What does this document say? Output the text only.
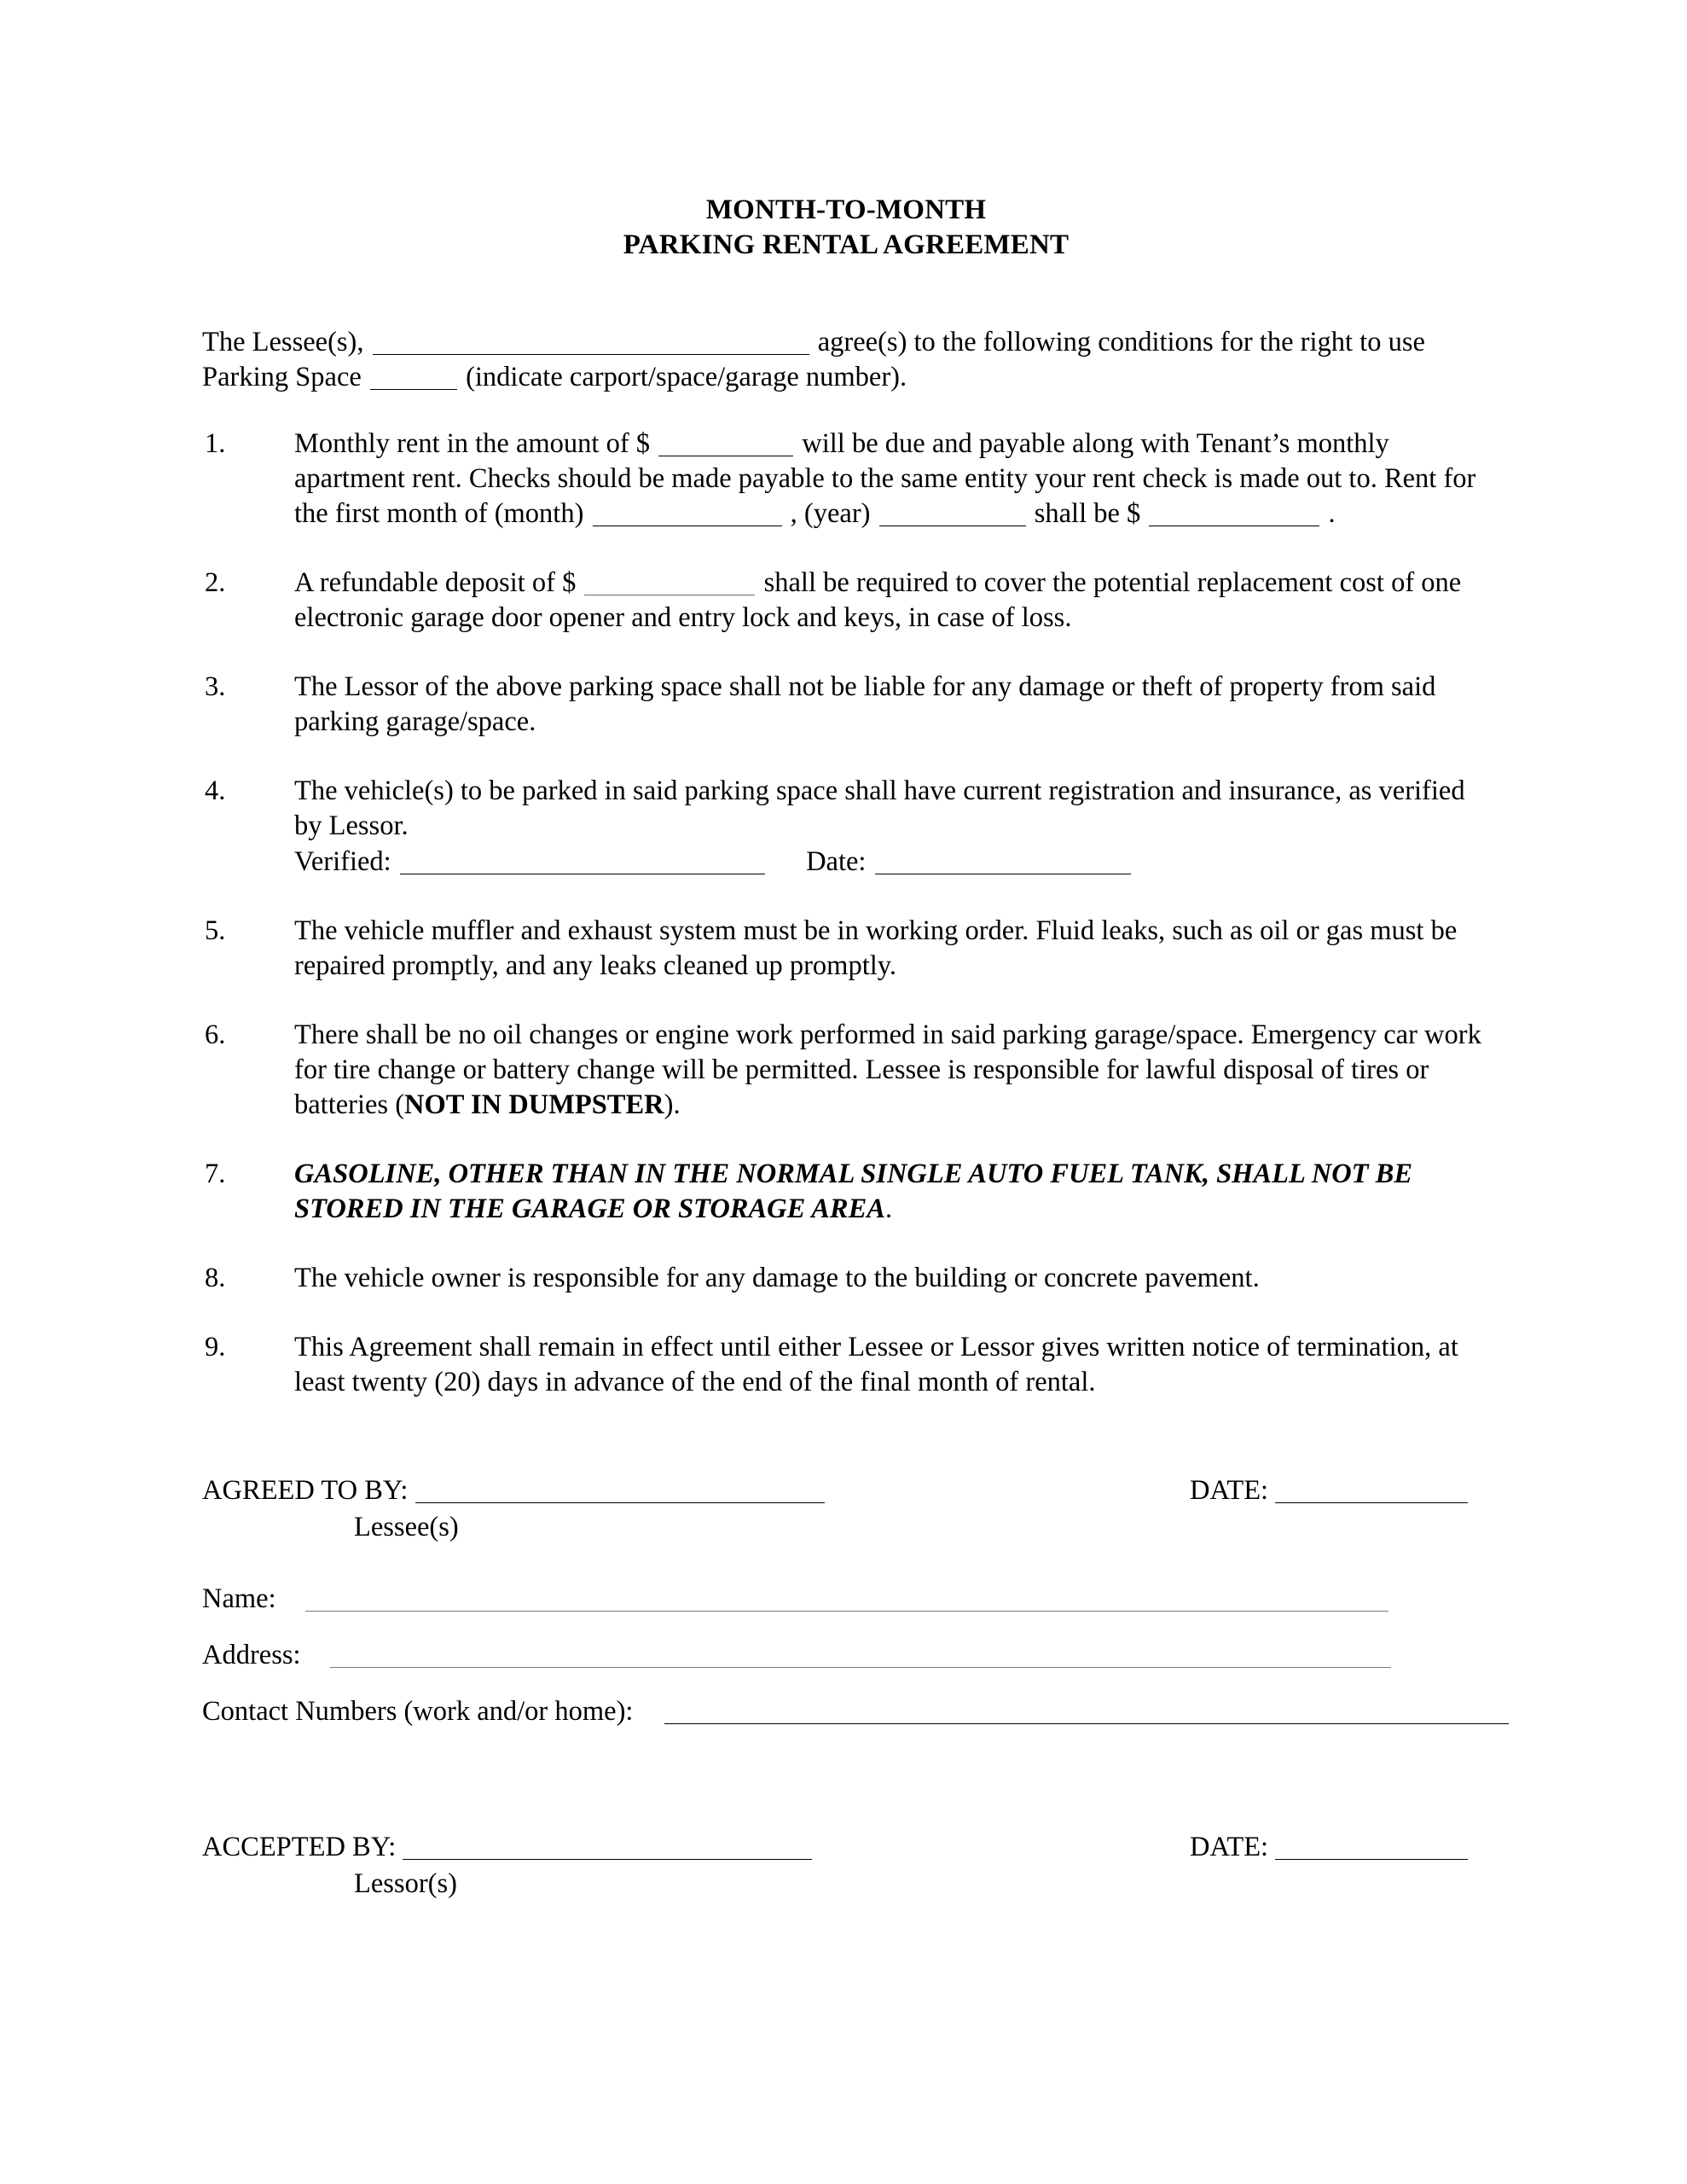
MONTH-TO-MONTH
PARKING RENTAL AGREEMENT
The Lessee(s),	agree(s) to the following conditions for the right to use Parking Space	(indicate carport/space/garage number).
1.	Monthly rent in the amount of $	will be due and payable along with Tenant’s monthly apartment rent. Checks should be made payable to the same entity your rent check is made out to. Rent for the first month of (month)	, (year)	shall be $	.
2.	A refundable deposit of $	shall be required to cover the potential replacement cost of one electronic garage door opener and entry lock and keys, in case of loss.
3.	The Lessor of the above parking space shall not be liable for any damage or theft of property from said parking garage/space.
4.	The vehicle(s) to be parked in said parking space shall have current registration and insurance, as verified by Lessor.
Verified:	Date:
5.	The vehicle muffler and exhaust system must be in working order. Fluid leaks, such as oil or gas must be repaired promptly, and any leaks cleaned up promptly.
6.	There shall be no oil changes or engine work performed in said parking garage/space. Emergency car work for tire change or battery change will be permitted. Lessee is responsible for lawful disposal of tires or batteries (NOT IN DUMPSTER).
7.	GASOLINE, OTHER THAN IN THE NORMAL SINGLE AUTO FUEL TANK, SHALL NOT BE STORED IN THE GARAGE OR STORAGE AREA.
8.	The vehicle owner is responsible for any damage to the building or concrete pavement.
9.	This Agreement shall remain in effect until either Lessee or Lessor gives written notice of termination, at least twenty (20) days in advance of the end of the final month of rental.
AGREED TO BY:	DATE:
Lessee(s)
Name:
Address:
Contact Numbers (work and/or home):
ACCEPTED BY:	DATE:
Lessor(s)
